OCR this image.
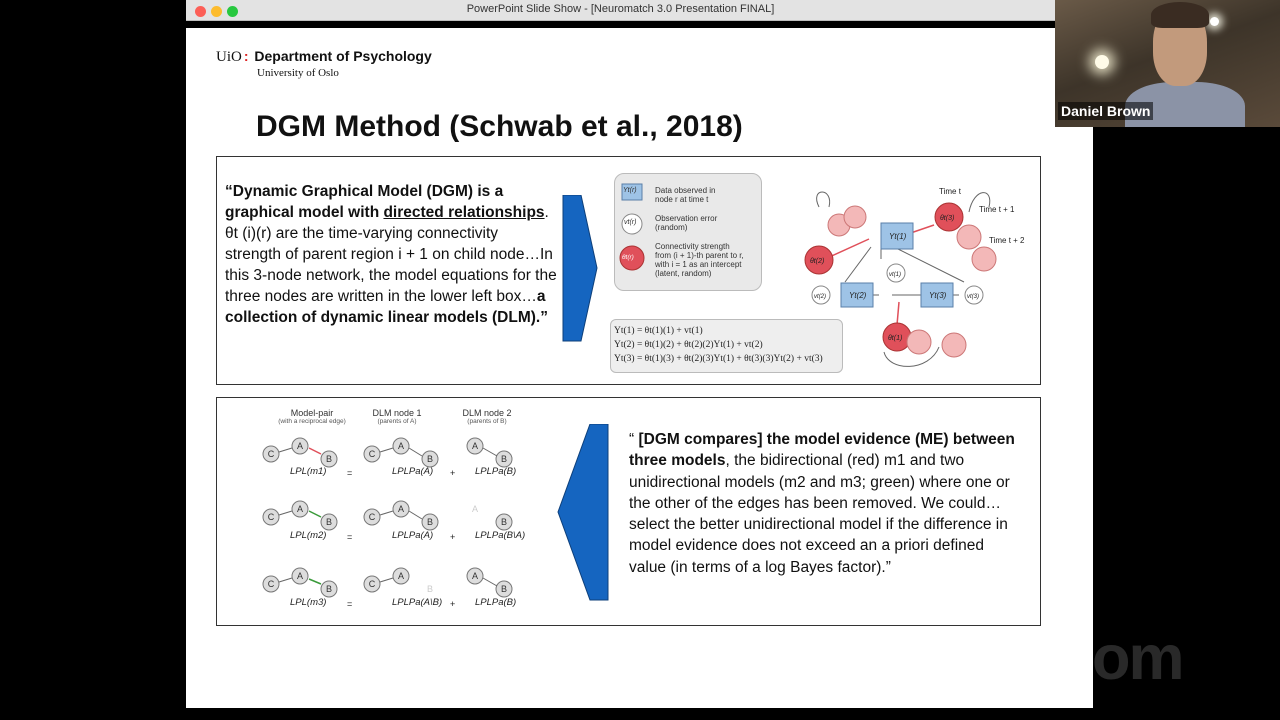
PowerPoint Slide Show - [Neuromatch 3.0 Presentation FINAL]
UiO : Department of Psychology
University of Oslo
DGM Method (Schwab et al., 2018)
“Dynamic Graphical Model (DGM) is a graphical model with directed relationships. θt (i)(r) are the time-varying connectivity strength of parent region i + 1 on child node…In this 3-node network, the model equations for the three nodes are written in the lower left box…a collection of dynamic linear models (DLM).”
Yt(r)
vt(r)
θt(r)
Data observed in
node r at time t
Observation error
(random)
Connectivity strength
from (i + 1)-th parent to r,
with i = 1 as an intercept
(latent, random)
Yt(1) = θt(1)(1) + vt(1)
Yt(2) = θt(1)(2) + θt(2)(2)Yt(1) + vt(2)
Yt(3) = θt(1)(3) + θt(2)(3)Yt(1) + θt(3)(3)Yt(2) + vt(3)
Yt(1)
Yt(2)	Yt(3)
vt(1)
vt(2)	vt(3)
θt(2)
θt(3)
θt(1)
Time t
Time t + 1
Time t + 2
Model-pair
(with a reciprocal edge)
DLM node 1
(parents of A)
DLM node 2
(parents of B)
C
A
B	C
A
B
A
B
C
A
B	C
A
B
A
B
C
A
B	C
A
B
A
B
LPL(m1) =	LPLPa(A) + LPLPa(B)
LPL(m2) =	LPLPa(A) + LPLPa(B\A)
LPL(m3) =	LPLPa(A\B) + LPLPa(B)
“ [DGM compares] the model evidence (ME) between three models, the bidirectional (red) m1 and two unidirectional models (m2 and m3; green) where one or the other of the edges has been removed. We could…select the better unidirectional model if the difference in model evidence does not exceed an a priori defined value (in terms of a log Bayes factor).”
Daniel Brown
zoom
